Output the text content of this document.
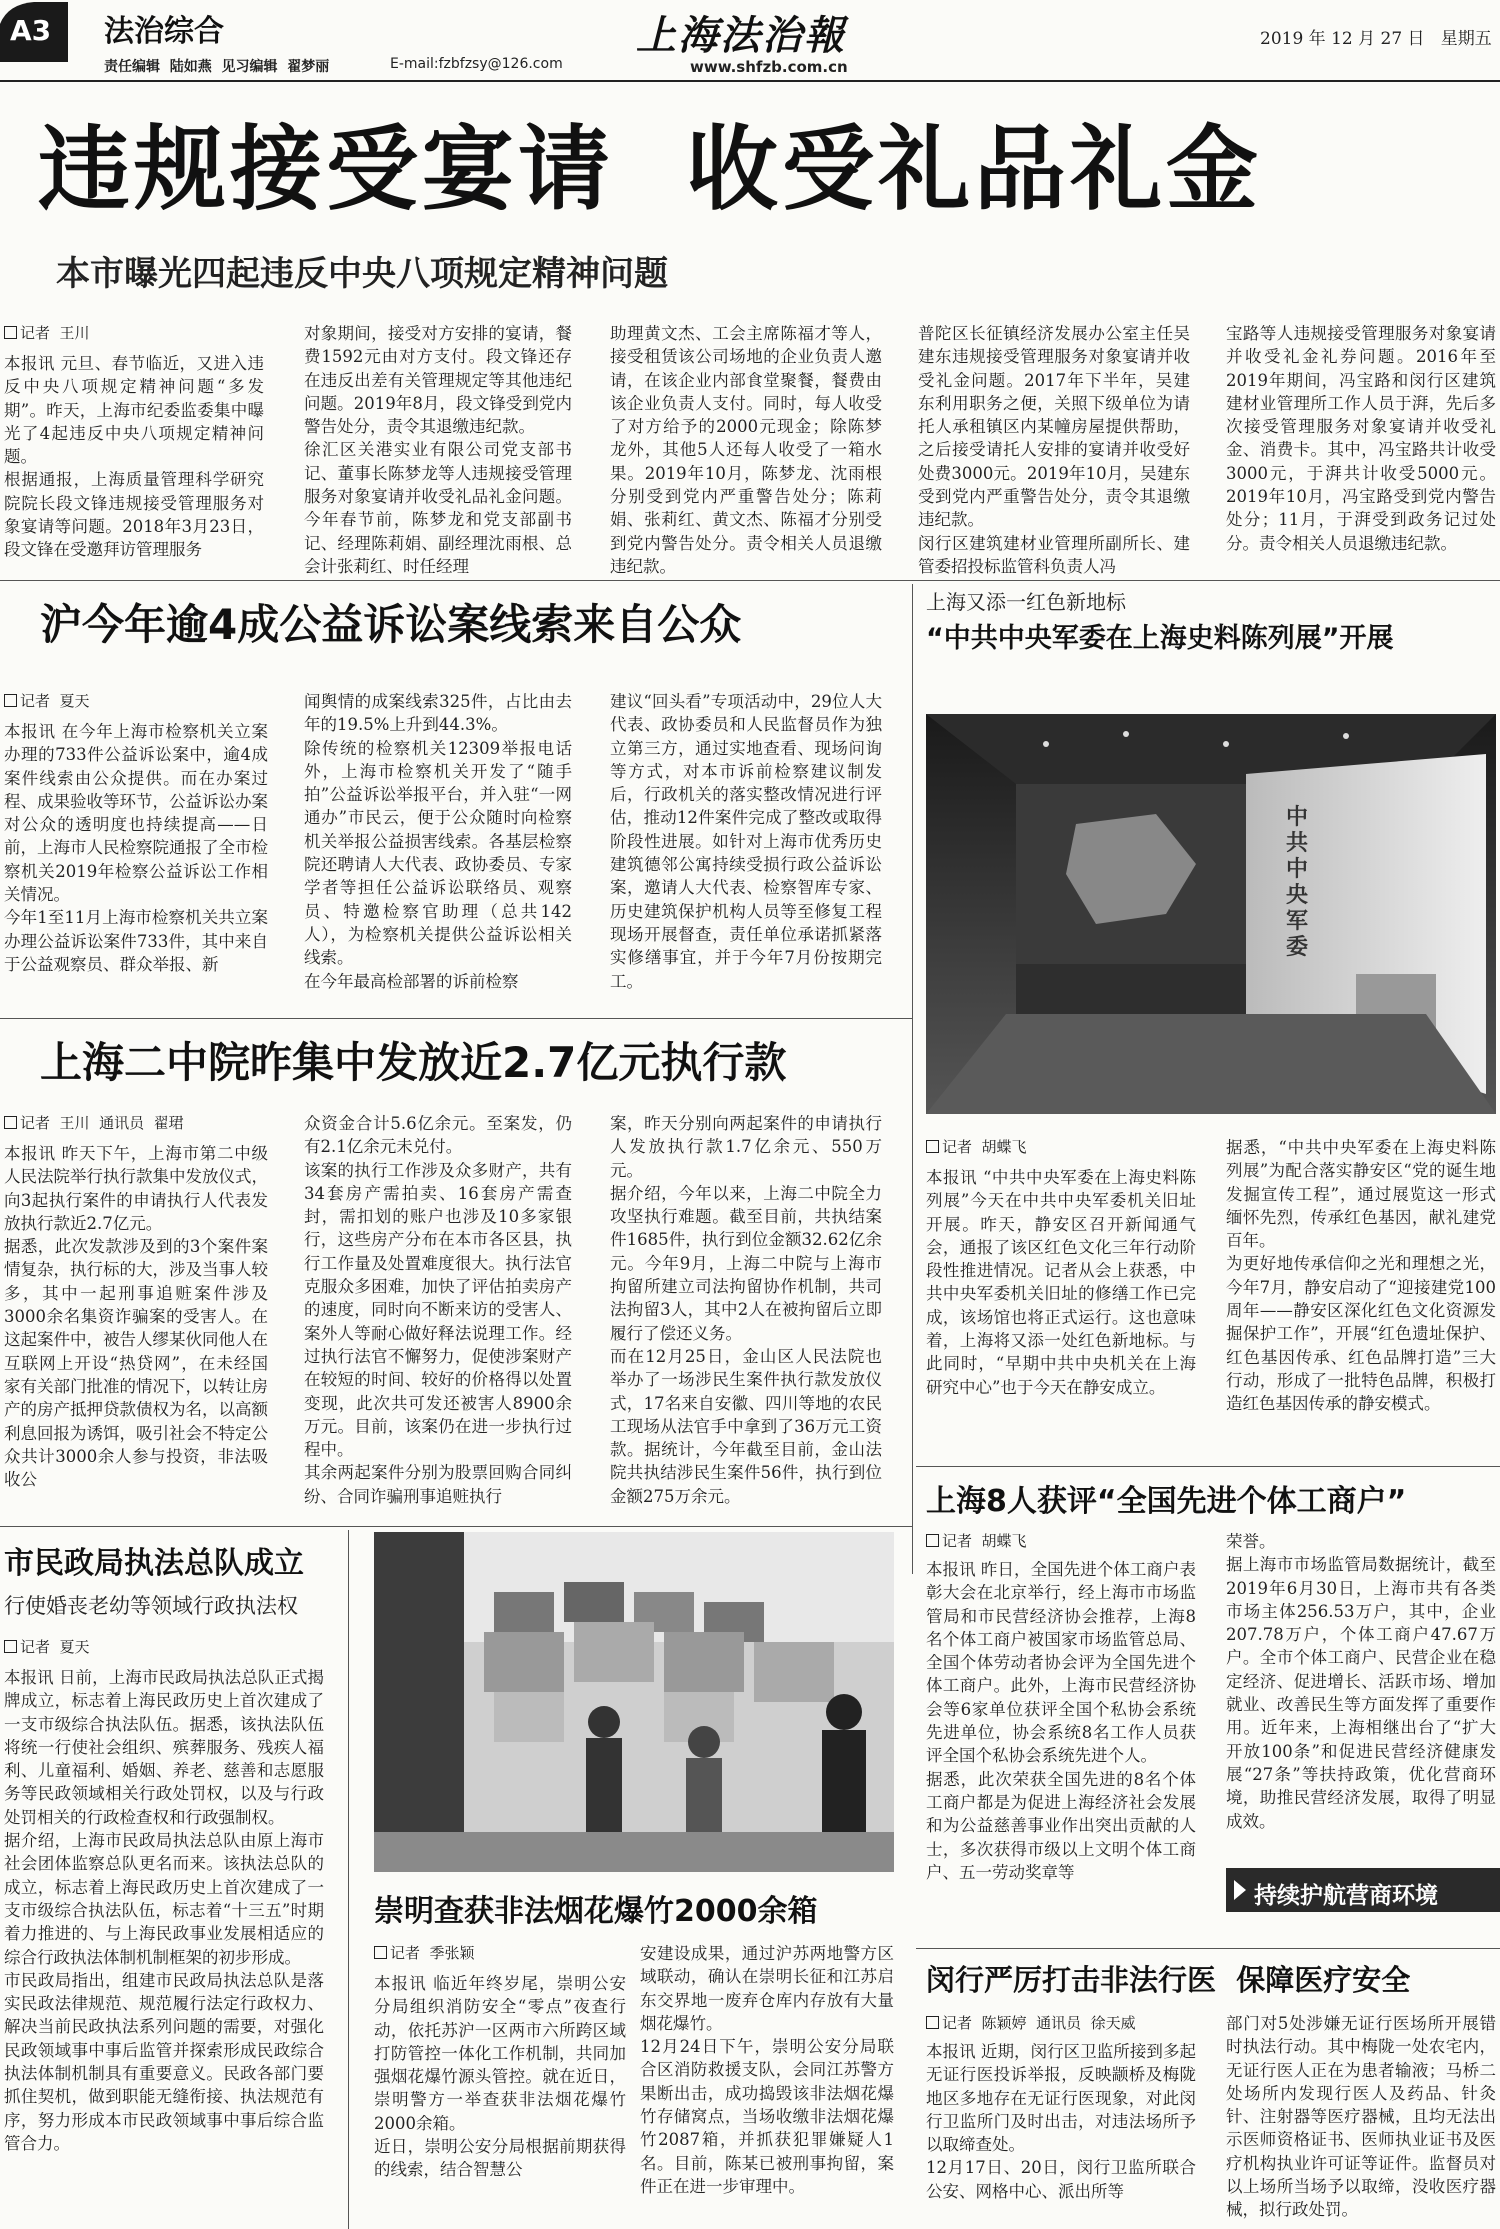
A3 法治综合
责任编辑  陆如燕  见习编辑  翟梦丽	E-mail:fzbfzsy@126.com
上海法治報
www.shfzb.com.cn
2019 年 12 月 27 日   星期五
违规接受宴请  收受礼品礼金
本市曝光四起违反中央八项规定精神问题
记者  王川
本报讯 元旦、春节临近，又进入违反中央八项规定精神问题“多发期”。昨天，上海市纪委监委集中曝光了4起违反中央八项规定精神问题。
根据通报，上海质量管理科学研究院院长段文锋违规接受管理服务对象宴请等问题。2018年3月23日，段文锋在受邀拜访管理服务
对象期间，接受对方安排的宴请，餐费1592元由对方支付。段文锋还存在违反出差有关管理规定等其他违纪问题。2019年8月，段文锋受到党内警告处分，责令其退缴违纪款。
徐汇区关港实业有限公司党支部书记、董事长陈梦龙等人违规接受管理服务对象宴请并收受礼品礼金问题。今年春节前，陈梦龙和党支部副书记、经理陈莉娟、副经理沈雨根、总会计张莉红、时任经理
助理黄文杰、工会主席陈福才等人，接受租赁该公司场地的企业负责人邀请，在该企业内部食堂聚餐，餐费由该企业负责人支付。同时，每人收受了对方给予的2000元现金；除陈梦龙外，其他5人还每人收受了一箱水果。2019年10月，陈梦龙、沈雨根分别受到党内严重警告处分；陈莉娟、张莉红、黄文杰、陈福才分别受到党内警告处分。责令相关人员退缴违纪款。
普陀区长征镇经济发展办公室主任吴建东违规接受管理服务对象宴请并收受礼金问题。2017年下半年，吴建东利用职务之便，关照下级单位为请托人承租镇区内某幢房屋提供帮助，之后接受请托人安排的宴请并收受好处费3000元。2019年10月，吴建东受到党内严重警告处分，责令其退缴违纪款。
闵行区建筑建材业管理所副所长、建管委招投标监管科负责人冯
宝路等人违规接受管理服务对象宴请并收受礼金礼券问题。2016年至2019年期间，冯宝路和闵行区建筑建材业管理所工作人员于湃，先后多次接受管理服务对象宴请并收受礼金、消费卡。其中，冯宝路共计收受3000元，于湃共计收受5000元。2019年10月，冯宝路受到党内警告处分；11月，于湃受到政务记过处分。责令相关人员退缴违纪款。
沪今年逾4成公益诉讼案线索来自公众
记者  夏天
本报讯 在今年上海市检察机关立案办理的733件公益诉讼案中，逾4成案件线索由公众提供。而在办案过程、成果验收等环节，公益诉讼办案对公众的透明度也持续提高——日前，上海市人民检察院通报了全市检察机关2019年检察公益诉讼工作相关情况。
今年1至11月上海市检察机关共立案办理公益诉讼案件733件，其中来自于公益观察员、群众举报、新
闻舆情的成案线索325件，占比由去年的19.5%上升到44.3%。
除传统的检察机关12309举报电话外，上海市检察机关开发了“随手拍”公益诉讼举报平台，并入驻“一网通办”市民云，便于公众随时向检察机关举报公益损害线索。各基层检察院还聘请人大代表、政协委员、专家学者等担任公益诉讼联络员、观察员、特邀检察官助理（总共142人），为检察机关提供公益诉讼相关线索。
在今年最高检部署的诉前检察
建议“回头看”专项活动中，29位人大代表、政协委员和人民监督员作为独立第三方，通过实地查看、现场问询等方式，对本市诉前检察建议制发后，行政机关的落实整改情况进行评估，推动12件案件完成了整改或取得阶段性进展。如针对上海市优秀历史建筑德邻公寓持续受损行政公益诉讼案，邀请人大代表、检察智库专家、历史建筑保护机构人员等至修复工程现场开展督查，责任单位承诺抓紧落实修缮事宜，并于今年7月份按期完工。
上海又添一红色新地标
“中共中央军委在上海史料陈列展”开展
中共中央军委
记者  胡蝶飞
本报讯 “中共中央军委在上海史料陈列展”今天在中共中央军委机关旧址开展。昨天，静安区召开新闻通气会，通报了该区红色文化三年行动阶段性推进情况。记者从会上获悉，中共中央军委机关旧址的修缮工作已完成，该场馆也将正式运行。这也意味着，上海将又添一处红色新地标。与此同时，“早期中共中央机关在上海研究中心”也于今天在静安成立。
据悉，“中共中央军委在上海史料陈列展”为配合落实静安区“党的诞生地发掘宣传工程”，通过展览这一形式缅怀先烈，传承红色基因，献礼建党百年。
为更好地传承信仰之光和理想之光，今年7月，静安启动了“迎接建党100周年——静安区深化红色文化资源发掘保护工作”，开展“红色遗址保护、红色基因传承、红色品牌打造”三大行动，形成了一批特色品牌，积极打造红色基因传承的静安模式。
上海二中院昨集中发放近2.7亿元执行款
记者  王川  通讯员  翟珺
本报讯 昨天下午，上海市第二中级人民法院举行执行款集中发放仪式，向3起执行案件的申请执行人代表发放执行款近2.7亿元。
据悉，此次发款涉及到的3个案件案情复杂，执行标的大，涉及当事人较多，其中一起刑事追赃案件涉及3000余名集资诈骗案的受害人。在这起案件中，被告人缪某伙同他人在互联网上开设“热贷网”，在未经国家有关部门批准的情况下，以转让房产的房产抵押贷款债权为名，以高额利息回报为诱饵，吸引社会不特定公众共计3000余人参与投资，非法吸收公
众资金合计5.6亿余元。至案发，仍有2.1亿余元未兑付。
该案的执行工作涉及众多财产，共有34套房产需拍卖、16套房产需查封，需扣划的账户也涉及10多家银行，这些房产分布在本市各区县，执行工作量及处置难度很大。执行法官克服众多困难，加快了评估拍卖房产的速度，同时向不断来访的受害人、案外人等耐心做好释法说理工作。经过执行法官不懈努力，促使涉案财产在较短的时间、较好的价格得以处置变现，此次共可发还被害人8900余万元。目前，该案仍在进一步执行过程中。
其余两起案件分别为股票回购合同纠纷、合同诈骗刑事追赃执行
案，昨天分别向两起案件的申请执行人发放执行款1.7亿余元、550万元。
据介绍，今年以来，上海二中院全力攻坚执行难题。截至目前，共执结案件1685件，执行到位金额32.62亿余元。今年9月，上海二中院与上海市拘留所建立司法拘留协作机制，共司法拘留3人，其中2人在被拘留后立即履行了偿还义务。
而在12月25日，金山区人民法院也举办了一场涉民生案件执行款发放仪式，17名来自安徽、四川等地的农民工现场从法官手中拿到了36万元工资款。据统计，今年截至目前，金山法院共执结涉民生案件56件，执行到位金额275万余元。	上海8人获评“全国先进个体工商户”
记者  胡蝶飞
本报讯 昨日，全国先进个体工商户表彰大会在北京举行，经上海市市场监管局和市民营经济协会推荐，上海8名个体工商户被国家市场监管总局、全国个体劳动者协会评为全国先进个体工商户。此外，上海市民营经济协会等6家单位获评全国个私协会系统先进单位，协会系统8名工作人员获评全国个私协会系统先进个人。
据悉，此次荣获全国先进的8名个体工商户都是为促进上海经济社会发展和为公益慈善事业作出突出贡献的人士，多次获得市级以上文明个体工商户、五一劳动奖章等
荣誉。
据上海市市场监管局数据统计，截至2019年6月30日，上海市共有各类市场主体256.53万户，其中，企业207.78万户，个体工商户47.67万户。全市个体工商户、民营企业在稳定经济、促进增长、活跃市场、增加就业、改善民生等方面发挥了重要作用。近年来，上海相继出台了“扩大开放100条”和促进民营经济健康发展“27条”等扶持政策，优化营商环境，助推民营经济发展，取得了明显成效。
持续护航营商环境
市民政局执法总队成立
行使婚丧老幼等领域行政执法权
记者  夏天
本报讯 日前，上海市民政局执法总队正式揭牌成立，标志着上海民政历史上首次建成了一支市级综合执法队伍。据悉，该执法队伍将统一行使社会组织、殡葬服务、残疾人福利、儿童福利、婚姻、养老、慈善和志愿服务等民政领域相关行政处罚权，以及与行政处罚相关的行政检查权和行政强制权。
据介绍，上海市民政局执法总队由原上海市社会团体监察总队更名而来。该执法总队的成立，标志着上海民政历史上首次建成了一支市级综合执法队伍，标志着“十三五”时期着力推进的、与上海民政事业发展相适应的综合行政执法体制机制框架的初步形成。
市民政局指出，组建市民政局执法总队是落实民政法律规范、规范履行法定行政权力、解决当前民政执法系列问题的需要，对强化民政领域事中事后监管并探索形成民政综合执法体制机制具有重要意义。民政各部门要抓住契机，做到职能无缝衔接、执法规范有序，努力形成本市民政领域事中事后综合监管合力。
崇明查获非法烟花爆竹2000余箱
记者  季张颖
本报讯 临近年终岁尾，崇明公安分局组织消防安全“零点”夜查行动，依托苏沪一区两市六所跨区域打防管控一体化工作机制，共同加强烟花爆竹源头管控。就在近日，崇明警方一举查获非法烟花爆竹2000余箱。
近日，崇明公安分局根据前期获得的线索，结合智慧公
安建设成果，通过沪苏两地警方区域联动，确认在崇明长征和江苏启东交界地一废弃仓库内存放有大量烟花爆竹。
12月24日下午，崇明公安分局联合区消防救援支队，会同江苏警方果断出击，成功捣毁该非法烟花爆竹存储窝点，当场收缴非法烟花爆竹2087箱，并抓获犯罪嫌疑人1名。目前，陈某已被刑事拘留，案件正在进一步审理中。
闵行严厉打击非法行医  保障医疗安全
记者  陈颖婷  通讯员  徐天威
本报讯 近期，闵行区卫监所接到多起无证行医投诉举报，反映颛桥及梅陇地区多地存在无证行医现象，对此闵行卫监所门及时出击，对违法场所予以取缔查处。
12月17日、20日，闵行卫监所联合公安、网格中心、派出所等
部门对5处涉嫌无证行医场所开展错时执法行动。其中梅陇一处农宅内，无证行医人正在为患者输液；马桥二处场所内发现行医人及药品、针灸针、注射器等医疗器械，且均无法出示医师资格证书、医师执业证书及医疗机构执业许可证等证件。监督员对以上场所当场予以取缔，没收医疗器械，拟行政处罚。
